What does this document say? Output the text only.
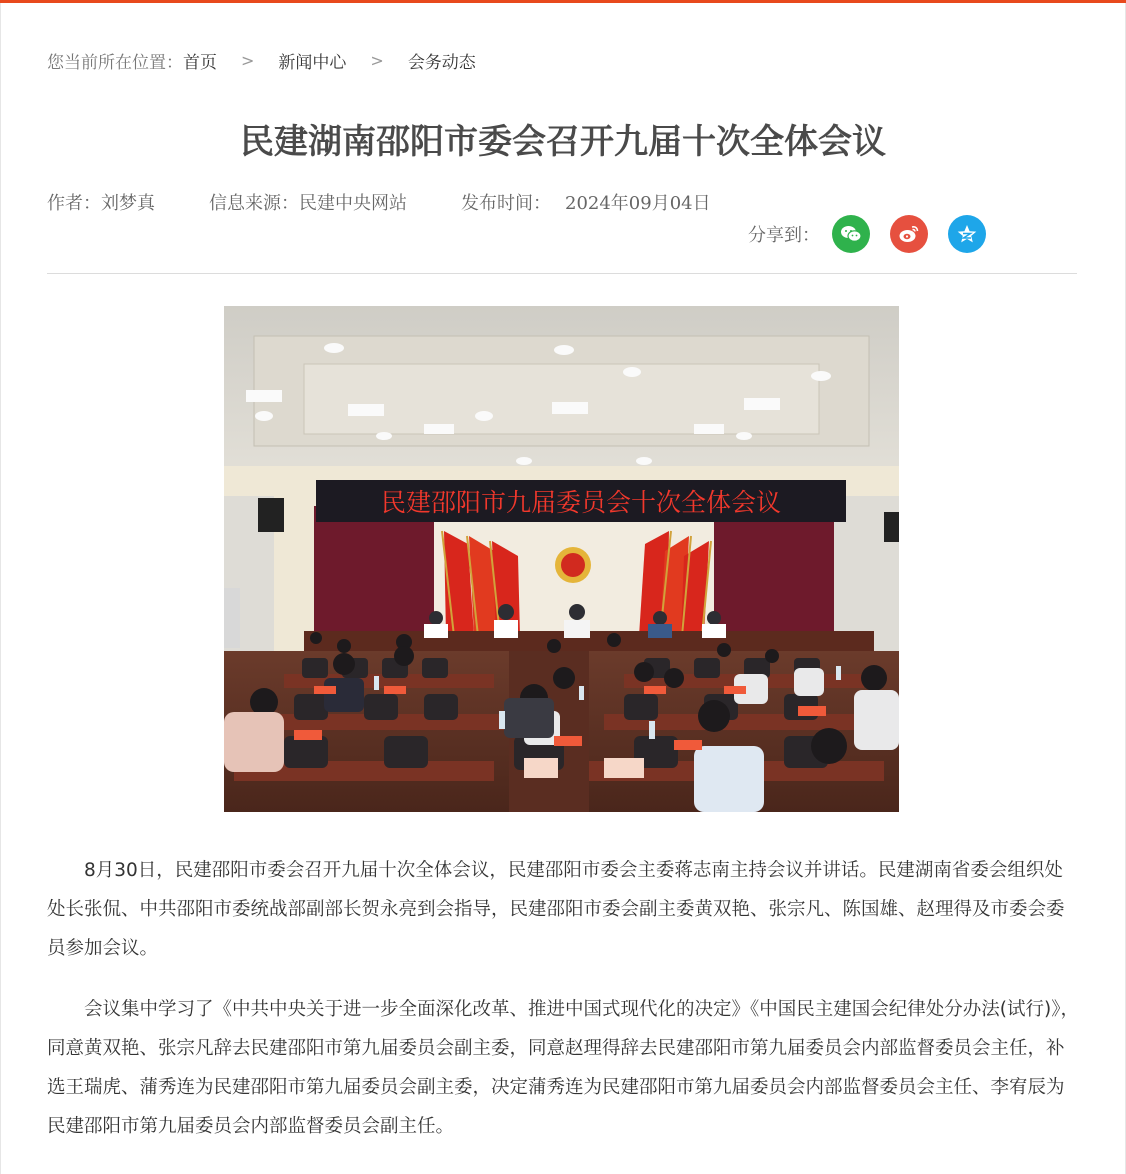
您当前所在位置： 首页 > 新闻中心 > 会务动态
民建湖南邵阳市委会召开九届十次全体会议
作者：刘梦真	信息来源：民建中央网站	发布时间： 2024年09月04日
分享到：
民建邵阳市九届委员会十次全体会议

8月30日，民建邵阳市委会召开九届十次全体会议，民建邵阳市委会主委蒋志南主持会议并讲话。民建湖南省委会组织处处长张侃、中共邵阳市委统战部副部长贺永亮到会指导，民建邵阳市委会副主委黄双艳、张宗凡、陈国雄、赵理得及市委会委员参加会议。

会议集中学习了《中共中央关于进一步全面深化改革、推进中国式现代化的决定》《中国民主建国会纪律处分办法(试行)》，同意黄双艳、张宗凡辞去民建邵阳市第九届委员会副主委，同意赵理得辞去民建邵阳市第九届委员会内部监督委员会主任，补选王瑞虎、蒲秀连为民建邵阳市第九届委员会副主委，决定蒲秀连为民建邵阳市第九届委员会内部监督委员会主任、李宥辰为民建邵阳市第九届委员会内部监督委员会副主任。
